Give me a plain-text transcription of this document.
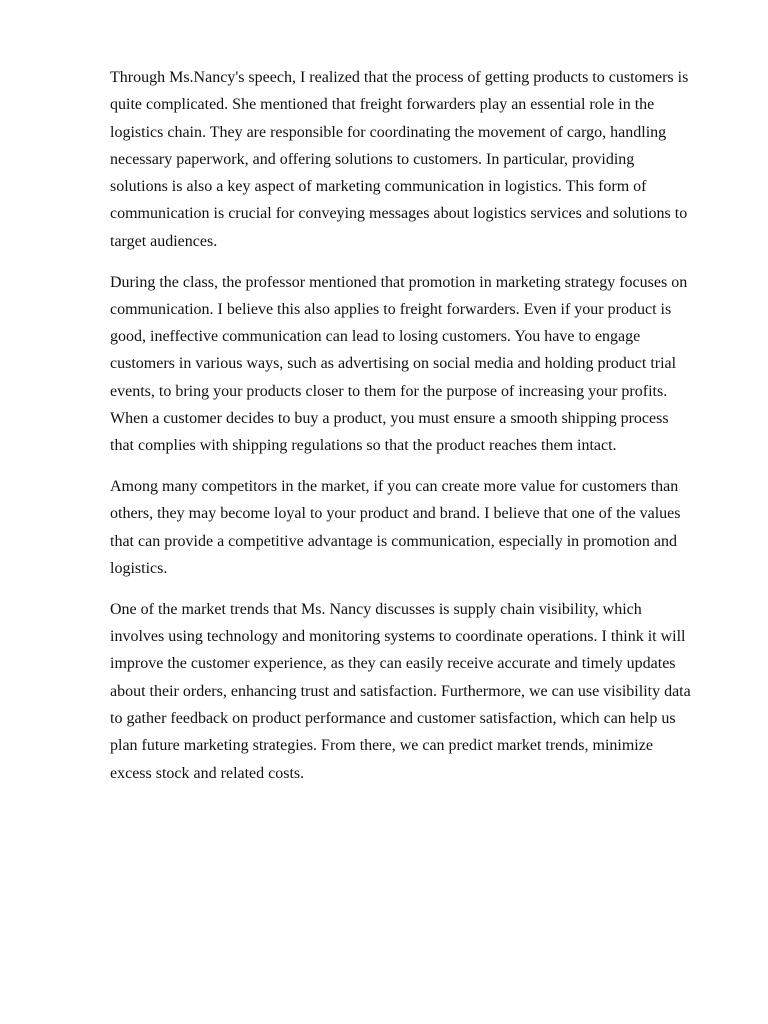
Through Ms.Nancy's speech, I realized that the process of getting products to customers is quite complicated. She mentioned that freight forwarders play an essential role in the logistics chain. They are responsible for coordinating the movement of cargo, handling necessary paperwork, and offering solutions to customers. In particular, providing solutions is also a key aspect of marketing communication in logistics. This form of communication is crucial for conveying messages about logistics services and solutions to target audiences.

During the class, the professor mentioned that promotion in marketing strategy focuses on communication. I believe this also applies to freight forwarders. Even if your product is good, ineffective communication can lead to losing customers. You have to engage customers in various ways, such as advertising on social media and holding product trial events, to bring your products closer to them for the purpose of increasing your profits. When a customer decides to buy a product, you must ensure a smooth shipping process that complies with shipping regulations so that the product reaches them intact.

Among many competitors in the market, if you can create more value for customers than others, they may become loyal to your product and brand. I believe that one of the values that can provide a competitive advantage is communication, especially in promotion and logistics.

One of the market trends that Ms. Nancy discusses is supply chain visibility, which involves using technology and monitoring systems to coordinate operations. I think it will improve the customer experience, as they can easily receive accurate and timely updates about their orders, enhancing trust and satisfaction. Furthermore, we can use visibility data to gather feedback on product performance and customer satisfaction, which can help us plan future marketing strategies. From there, we can predict market trends, minimize excess stock and related costs.
